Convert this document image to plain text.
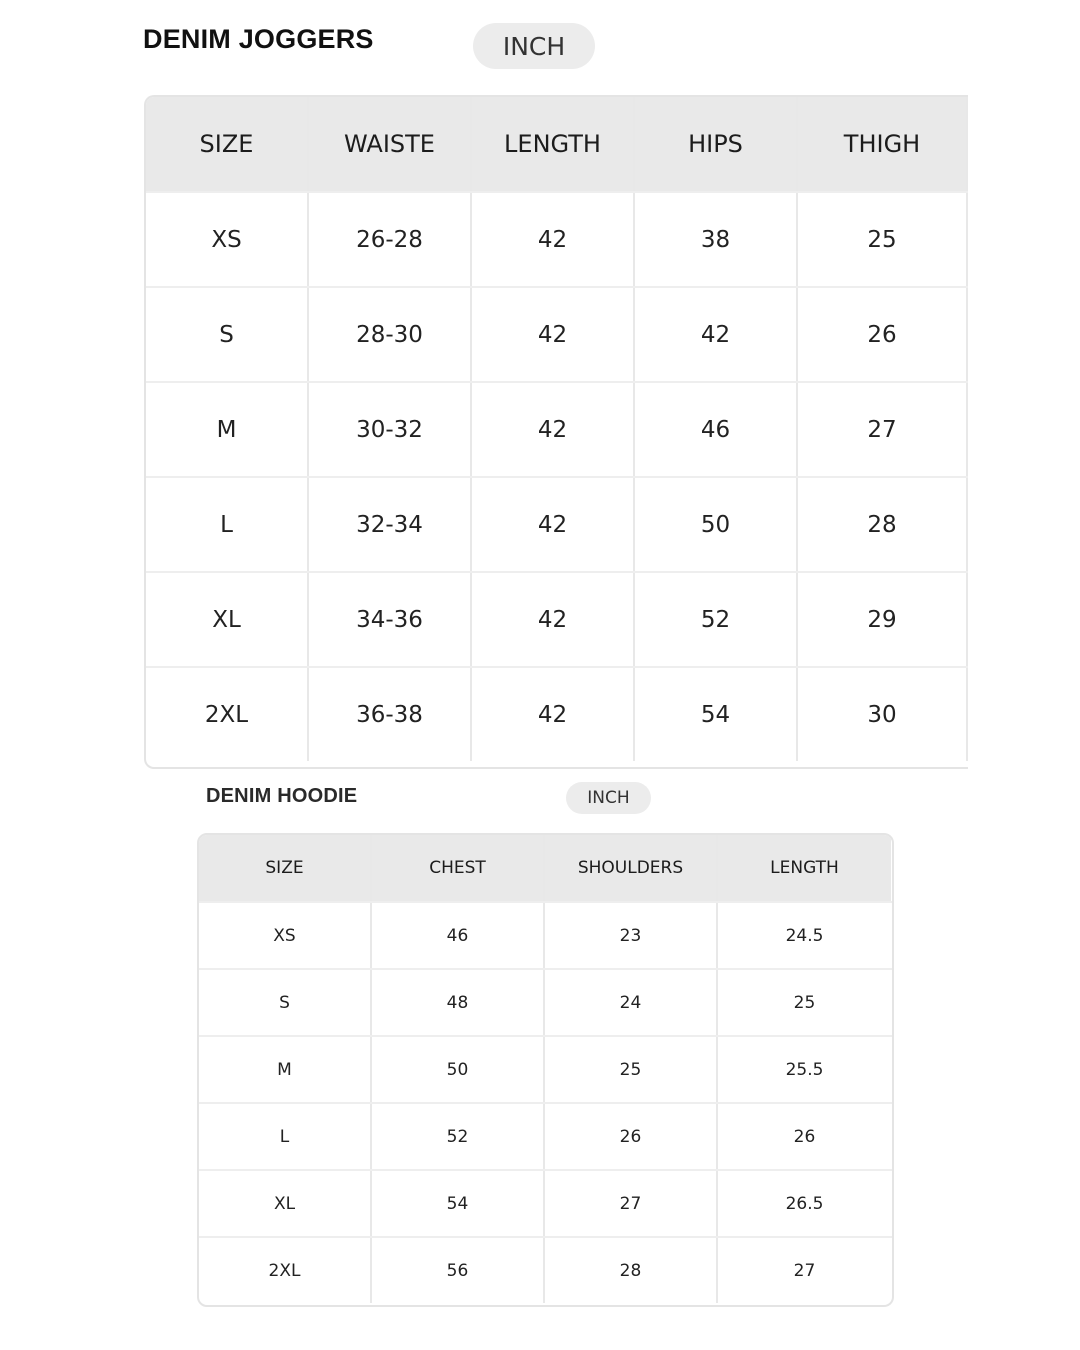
DENIM JOGGERS	INCH
SIZE	WAISTE	LENGTH	HIPS	THIGH
XS	26-28	42	38	25
S	28-30	42	42	26
M	30-32	42	46	27
L	32-34	42	50	28
XL	34-36	42	52	29
2XL	36-38	42	54	30
DENIM HOODIE	INCH
SIZE	CHEST	SHOULDERS	LENGTH
XS	46	23	24.5
S	48	24	25
M	50	25	25.5
L	52	26	26
XL	54	27	26.5
2XL	56	28	27
